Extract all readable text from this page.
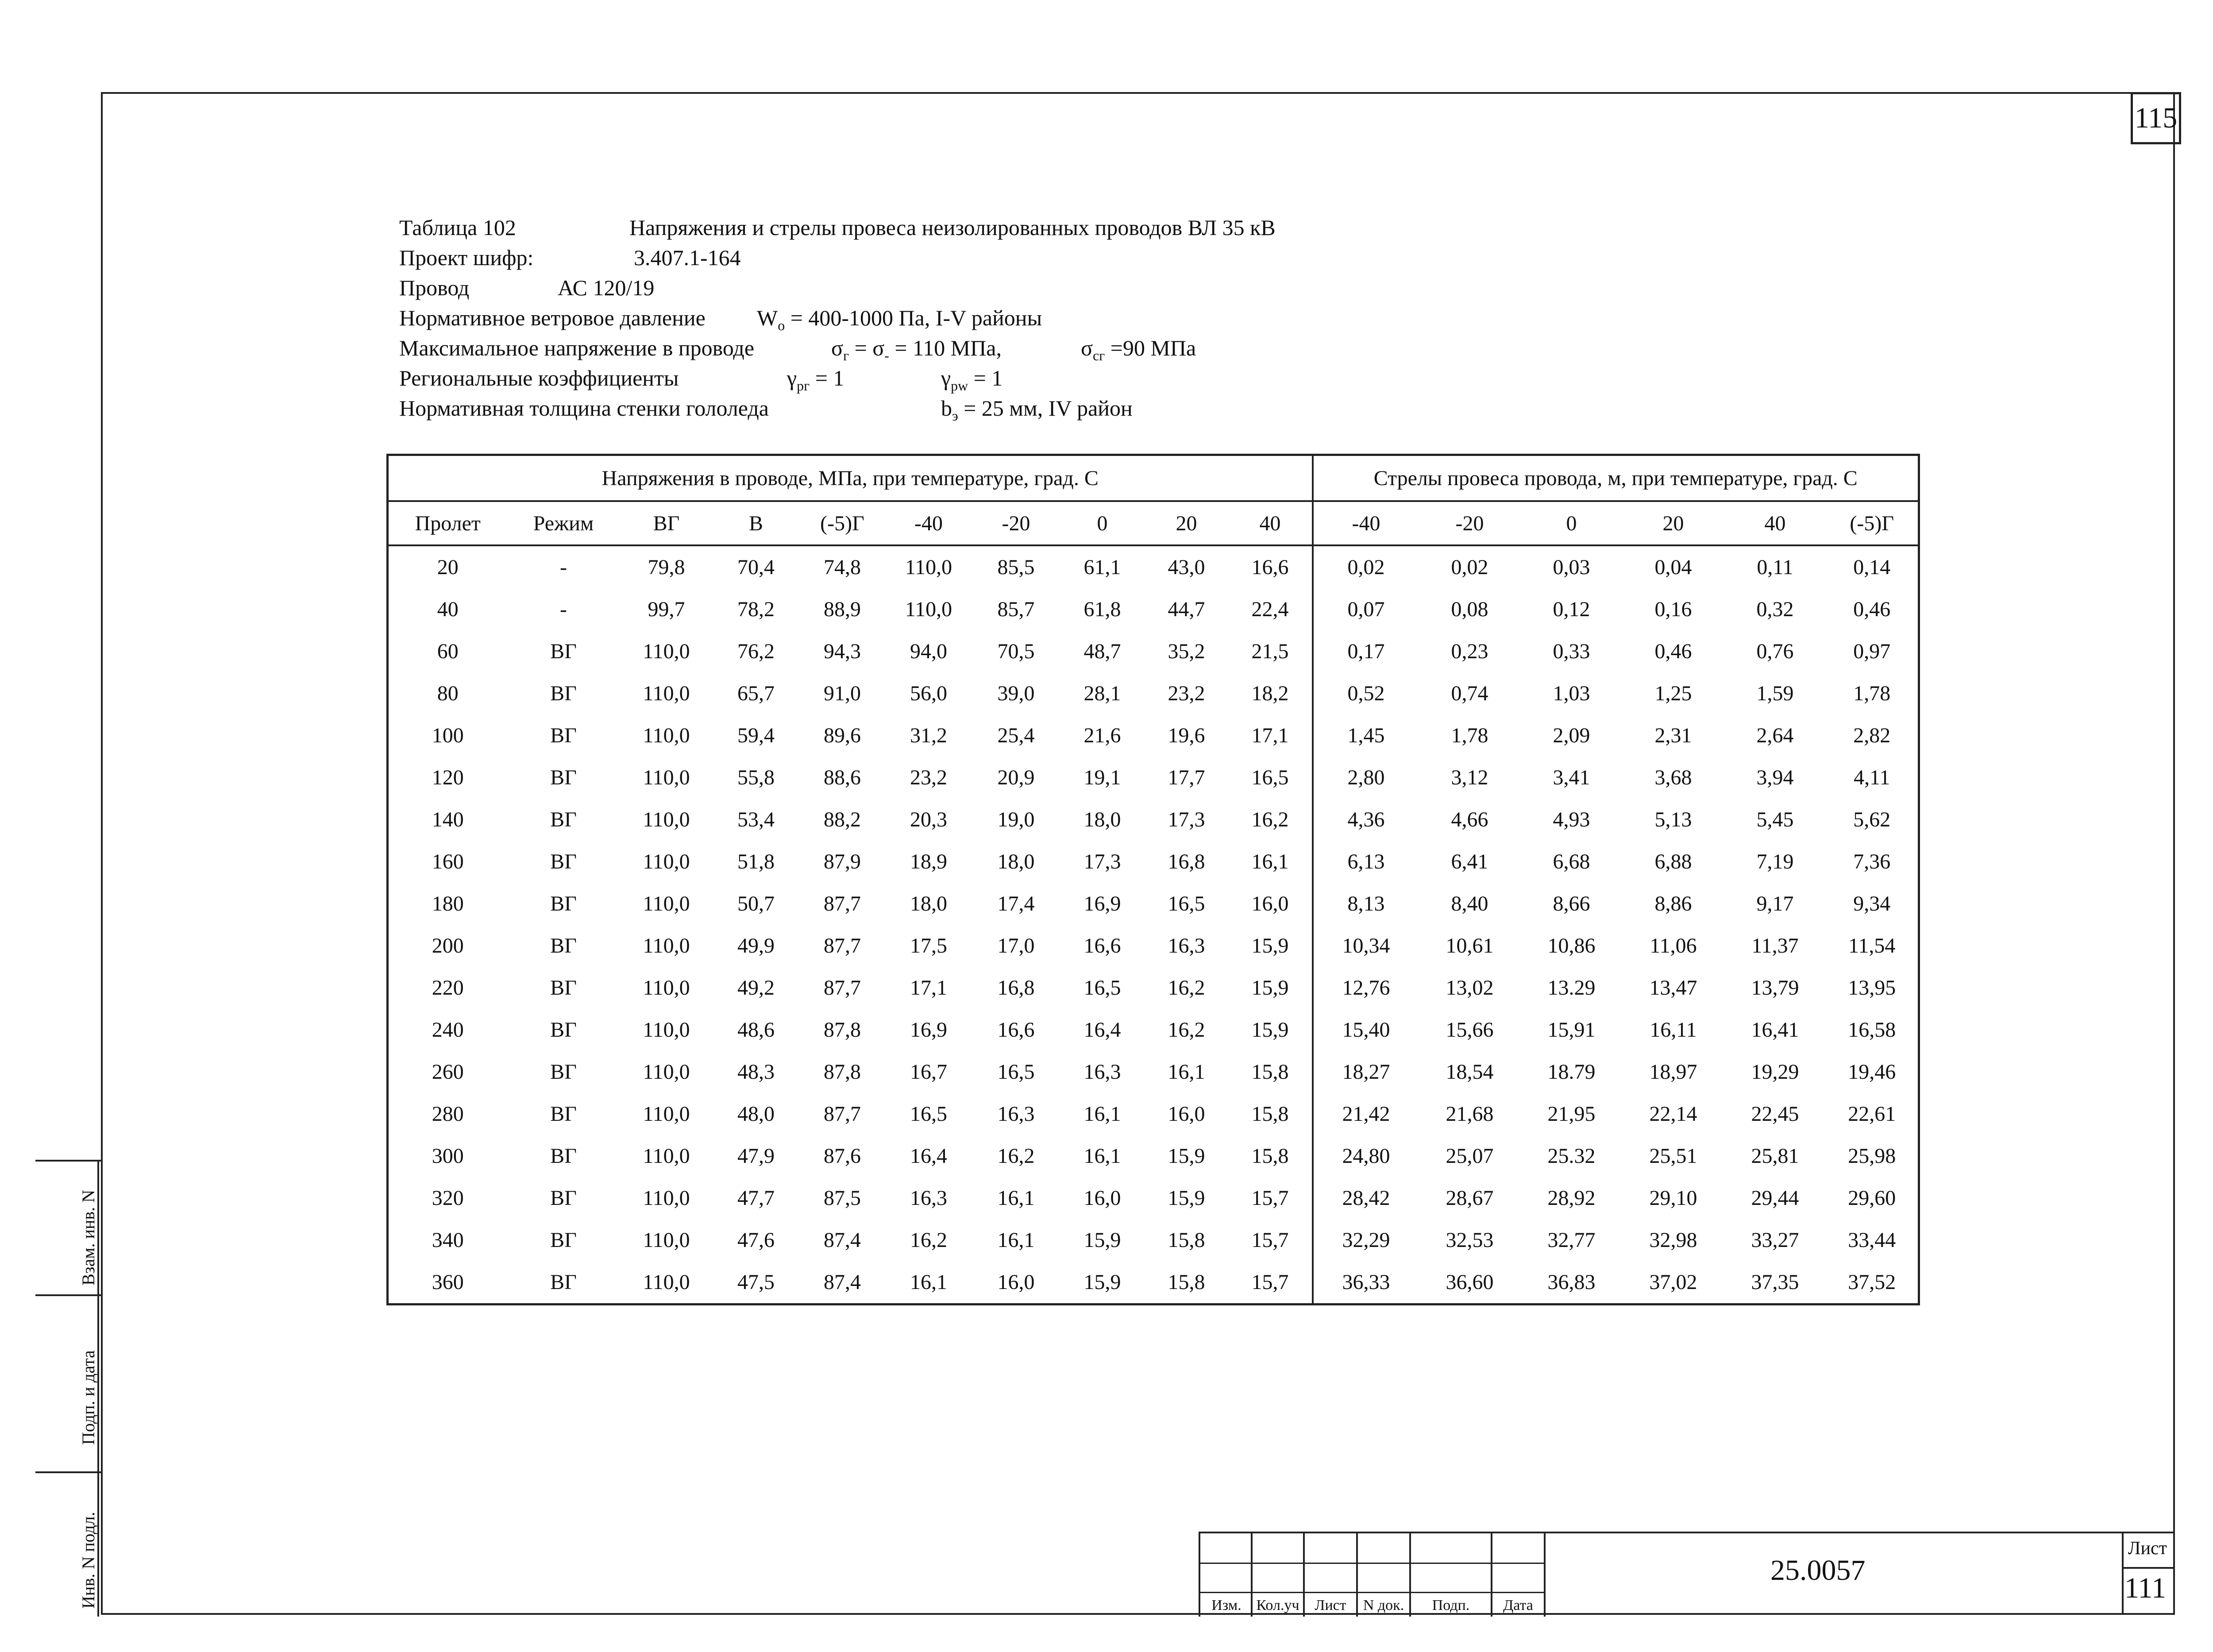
115
Таблица 102	Напряжения и стрелы провеса неизолированных проводов ВЛ 35 кВ
Проект шифр:	3.407.1-164
Провод	АС 120/19
Нормативное ветровое давление $W_o = 400-1000$ Па, I-V районы
Максимальное напряжение в проводе	$\sigma_г = \sigma_- = 110$ МПа,	$\sigma_{сг} =90$ МПа
Региональные коэффициенты	$\gamma_{pг} = 1$	$\gamma_{pw} = 1$
Нормативная толщина стенки гололеда	$b_э = 25$ мм, IV район
Напряжения в проводе, МПа, при температуре, град. С										Стрелы провеса провода, м, при температуре, град. С					
Пролет	Режим	ВГ	В	(-5)Г	-40	-20	0	20	40	-40	-20	0	20	40	(-5)Г
20	-	79,8	70,4	74,8	110,0	85,5	61,1	43,0	16,6	0,02	0,02	0,03	0,04	0,11	0,14
40	-	99,7	78,2	88,9	110,0	85,7	61,8	44,7	22,4	0,07	0,08	0,12	0,16	0,32	0,46
60	ВГ	110,0	76,2	94,3	94,0	70,5	48,7	35,2	21,5	0,17	0,23	0,33	0,46	0,76	0,97
80	ВГ	110,0	65,7	91,0	56,0	39,0	28,1	23,2	18,2	0,52	0,74	1,03	1,25	1,59	1,78
100	ВГ	110,0	59,4	89,6	31,2	25,4	21,6	19,6	17,1	1,45	1,78	2,09	2,31	2,64	2,82
120	ВГ	110,0	55,8	88,6	23,2	20,9	19,1	17,7	16,5	2,80	3,12	3,41	3,68	3,94	4,11
140	ВГ	110,0	53,4	88,2	20,3	19,0	18,0	17,3	16,2	4,36	4,66	4,93	5,13	5,45	5,62
160	ВГ	110,0	51,8	87,9	18,9	18,0	17,3	16,8	16,1	6,13	6,41	6,68	6,88	7,19	7,36
180	ВГ	110,0	50,7	87,7	18,0	17,4	16,9	16,5	16,0	8,13	8,40	8,66	8,86	9,17	9,34
200	ВГ	110,0	49,9	87,7	17,5	17,0	16,6	16,3	15,9	10,34	10,61	10,86	11,06	11,37	11,54
220	ВГ	110,0	49,2	87,7	17,1	16,8	16,5	16,2	15,9	12,76	13,02	13.29	13,47	13,79	13,95
240	ВГ	110,0	48,6	87,8	16,9	16,6	16,4	16,2	15,9	15,40	15,66	15,91	16,11	16,41	16,58
260	ВГ	110,0	48,3	87,8	16,7	16,5	16,3	16,1	15,8	18,27	18,54	18.79	18,97	19,29	19,46
280	ВГ	110,0	48,0	87,7	16,5	16,3	16,1	16,0	15,8	21,42	21,68	21,95	22,14	22,45	22,61
300	ВГ	110,0	47,9	87,6	16,4	16,2	16,1	15,9	15,8	24,80	25,07	25.32	25,51	25,81	25,98
320	ВГ	110,0	47,7	87,5	16,3	16,1	16,0	15,9	15,7	28,42	28,67	28,92	29,10	29,44	29,60
340	ВГ	110,0	47,6	87,4	16,2	16,1	15,9	15,8	15,7	32,29	32,53	32,77	32,98	33,27	33,44
360	ВГ	110,0	47,5	87,4	16,1	16,0	15,9	15,8	15,7	36,33	36,60	36,83	37,02	37,35	37,52
Инв. N подл.
Подп. и дата
Взам. инв. N
Изм. Кол.уч	Лист	N док.	Подп.	Дата
25.0057
Лист
111
